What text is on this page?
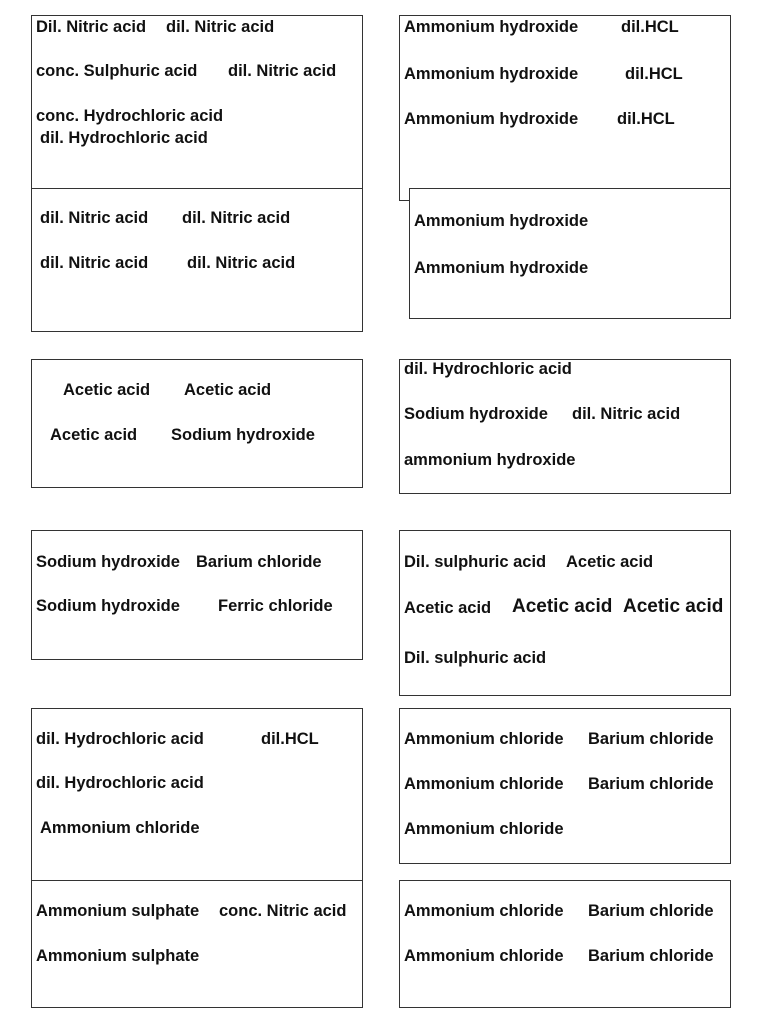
Dil. Nitric acid dil. Nitric acid
conc. Sulphuric acid dil. Nitric acid
conc. Hydrochloric acid
dil. Hydrochloric acid
dil. Nitric acid dil. Nitric acid
dil. Nitric acid dil. Nitric acid
Ammonium hydroxide	dil.HCL
Ammonium hydroxide	dil.HCL
Ammonium hydroxide dil.HCL
Ammonium hydroxide
Ammonium hydroxide
Acetic acid Acetic acid
Acetic acid Sodium hydroxide
dil. Hydrochloric acid
Sodium hydroxide dil. Nitric acid
ammonium hydroxide
Sodium hydroxide Barium chloride
Sodium hydroxide Ferric chloride
Dil. sulphuric acid Acetic acid
Acetic acid Acetic acid Acetic acid
Dil. sulphuric acid
dil. Hydrochloric acid	dil.HCL
dil. Hydrochloric acid
Ammonium chloride
Ammonium chloride Barium chloride
Ammonium chloride Barium chloride
Ammonium chloride
Ammonium sulphate conc. Nitric acid
Ammonium sulphate
Ammonium chloride Barium chloride
Ammonium chloride Barium chloride
